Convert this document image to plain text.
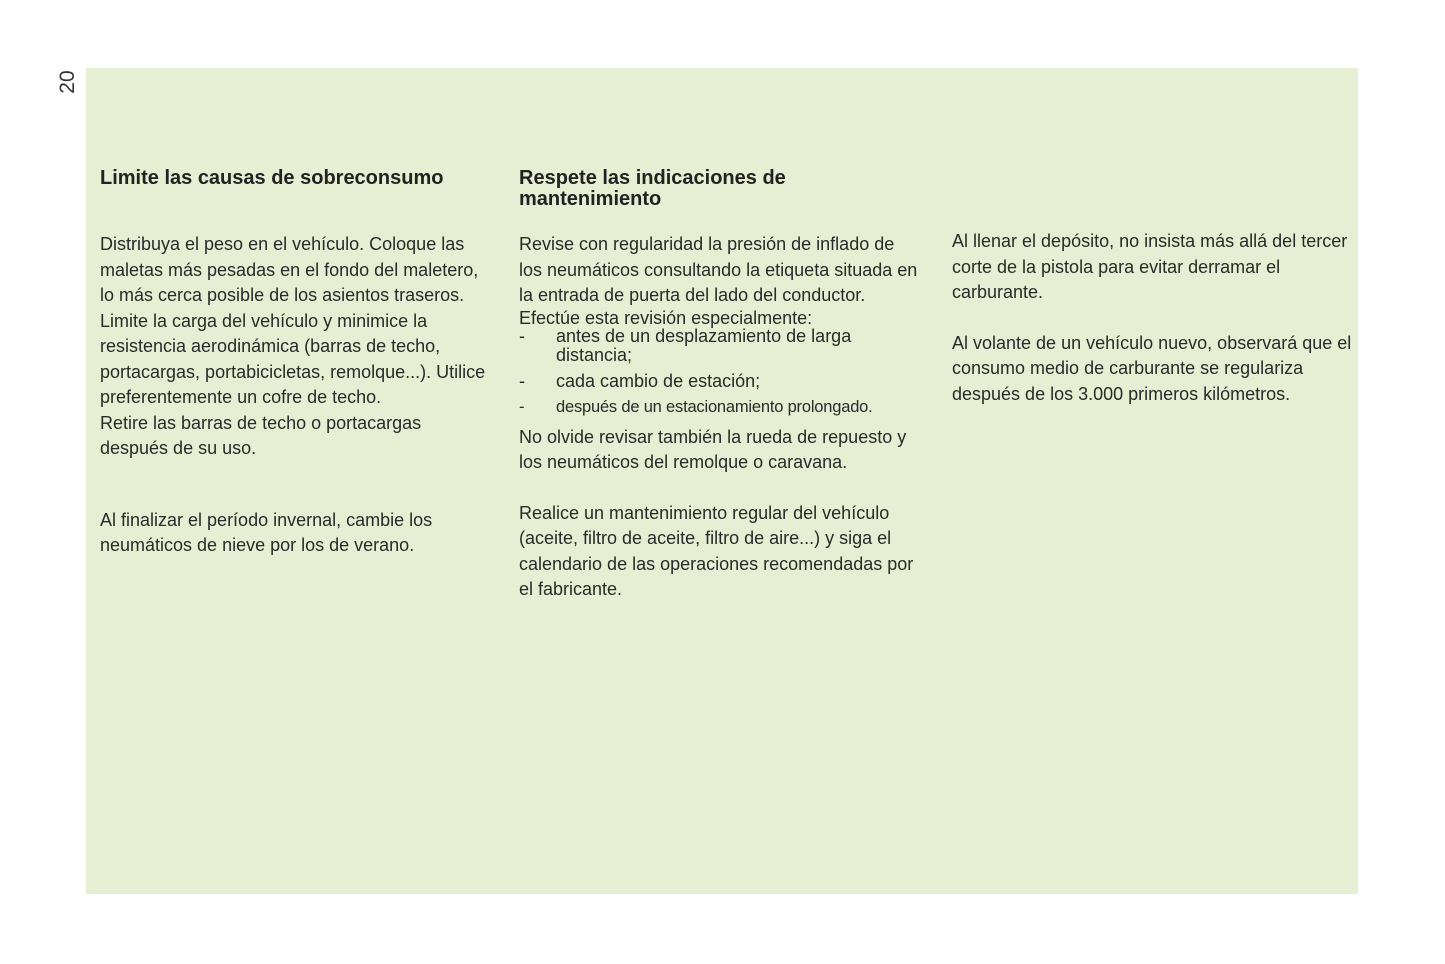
20
Limite las causas de sobreconsumo

Distribuya el peso en el vehículo. Coloque las maletas más pesadas en el fondo del maletero, lo más cerca posible de los asientos traseros.

Limite la carga del vehículo y minimice la resistencia aerodinámica (barras de techo, portacargas, portabicicletas, remolque...). Utilice preferentemente un cofre de techo.

Retire las barras de techo o portacargas después de su uso.

Al finalizar el período invernal, cambie los neumáticos de nieve por los de verano.

Respete las indicaciones de mantenimiento

Revise con regularidad la presión de inflado de los neumáticos consultando la etiqueta situada en la entrada de puerta del lado del conductor.

Efectúe esta revisión especialmente:

- antes de un desplazamiento de larga distancia;
- cada cambio de estación;
- después de un estacionamiento prolongado.

No olvide revisar también la rueda de repuesto y los neumáticos del remolque o caravana.

Realice un mantenimiento regular del vehículo (aceite, filtro de aceite, filtro de aire...) y siga el calendario de las operaciones recomendadas por el fabricante.

Al llenar el depósito, no insista más allá del tercer corte de la pistola para evitar derramar el carburante.

Al volante de un vehículo nuevo, observará que el consumo medio de carburante se regulariza después de los 3.000 primeros kilómetros.
